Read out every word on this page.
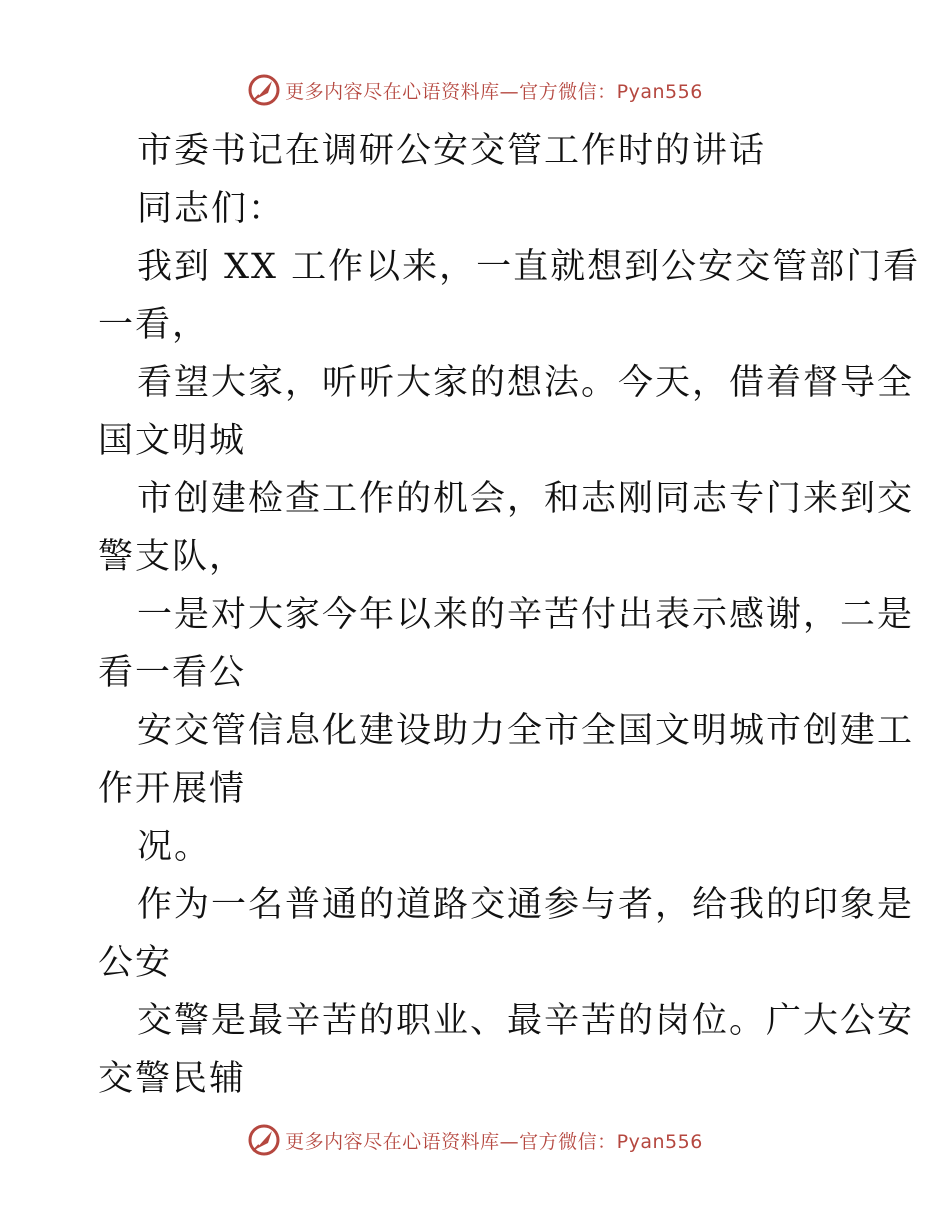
更多内容尽在心语资料库—官方微信：Pyan556
市委书记在调研公安交管工作时的讲话
同志们：
我到 XX 工作以来，一直就想到公安交管部门看
一看，
看望大家，听听大家的想法。今天，借着督导全
国文明城
市创建检查工作的机会，和志刚同志专门来到交
警支队，
一是对大家今年以来的辛苦付出表示感谢，二是
看一看公
安交管信息化建设助力全市全国文明城市创建工
作开展情
况。
作为一名普通的道路交通参与者，给我的印象是
公安
交警是最辛苦的职业、最辛苦的岗位。广大公安
交警民辅
更多内容尽在心语资料库—官方微信：Pyan556
